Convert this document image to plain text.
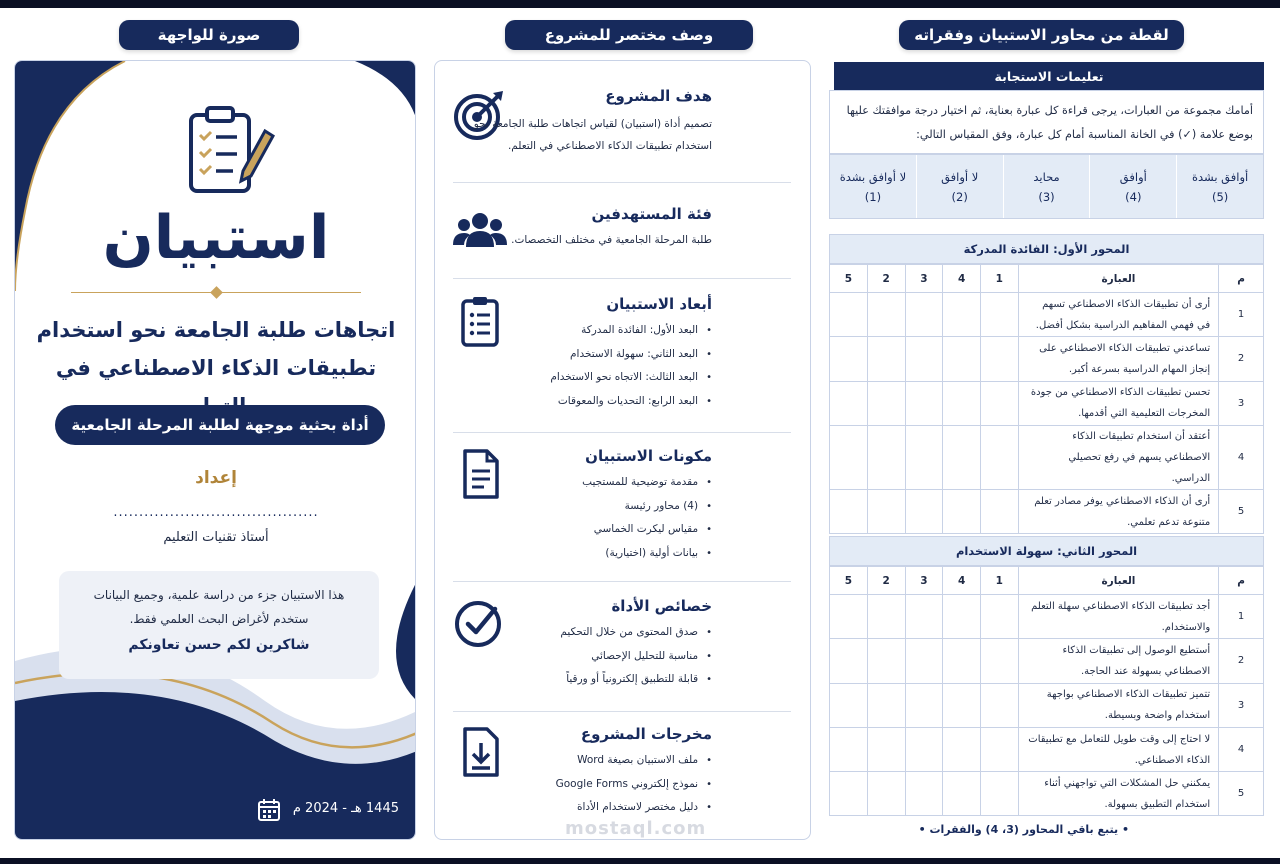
صورة للواجهة	وصف مختصر للمشروع	لقطة من محاور الاستبيان وفقراته
استبيان
اتجاهات طلبة الجامعة نحو استخدام
تطبيقات الذكاء الاصطناعي في
أداة بحثية موجهة لطلبة المرحلة الجامعية
إعداد
........................................
أستاذ تقنيات التعليم

هذا الاستبيان جزء من دراسة علمية، وجميع البيانات

ستخدم لأغراض البحث العلمي فقط.

شاكرين لكم حسن تعاونكم

1445 هـ - 2024 م
هدف المشروع
تصميم أداة (استبيان) لقياس اتجاهات طلبة الجامعة نحو استخدام تطبيقات الذكاء الاصطناعي في التعلم.
فئة المستهدفين
طلبة المرحلة الجامعية في مختلف التخصصات.
أبعاد الاستبيان
• البعد الأول: الفائدة المدركة
• البعد الثاني: سهولة الاستخدام
• البعد الثالث: الاتجاه نحو الاستخدام
• البعد الرابع: التحديات والمعوقات
مكونات الاستبيان
• مقدمة توضيحية للمستجيب
• (4) محاور رئيسة
• مقياس ليكرت الخماسي
• بيانات أولية (اختيارية)
خصائص الأداة
• صدق المحتوى من خلال التحكيم
• مناسبة للتحليل الإحصائي
• قابلة للتطبيق إلكترونياً أو ورقياً
مخرجات المشروع
• ملف الاستبيان بصيغة Word
• نموذج إلكتروني Google Forms
• دليل مختصر لاستخدام الأداة
mostaql.com
تعليمات الاستجابة
أمامك مجموعة من العبارات، يرجى قراءة كل عبارة بعناية، ثم اختيار درجة موافقتك عليها بوضع علامة (✓) في الخانة المناسبة أمام كل عبارة، وفق المقياس التالي:
أوافق بشدة
(5)
أوافق
(4)
محايد
(3)
لا أوافق
(2)
لا أوافق بشدة
(1)
المحور الأول: الفائدة المدركة
م	العبارة	1	4	3	2	5
1	أرى أن تطبيقات الذكاء الاصطناعي تسهم في فهمي المفاهيم الدراسية بشكل أفضل.					
2	تساعدني تطبيقات الذكاء الاصطناعي على إنجاز المهام الدراسية بسرعة أكبر.					
3	تحسن تطبيقات الذكاء الاصطناعي من جودة المخرجات التعليمية التي أقدمها.					
4	أعتقد أن استخدام تطبيقات الذكاء الاصطناعي يسهم في رفع تحصيلي الدراسي.					
5	أرى أن الذكاء الاصطناعي يوفر مصادر تعلم متنوعة تدعم تعلمي.					
المحور الثاني: سهولة الاستخدام
م	العبارة	1	4	3	2	5
1	أجد تطبيقات الذكاء الاصطناعي سهلة التعلم والاستخدام.					
2	أستطيع الوصول إلى تطبيقات الذكاء الاصطناعي بسهولة عند الحاجة.					
3	تتميز تطبيقات الذكاء الاصطناعي بواجهة استخدام واضحة وبسيطة.					
4	لا احتاج إلى وقت طويل للتعامل مع تطبيقات الذكاء الاصطناعي.					
5	يمكنني حل المشكلات التي تواجهني أثناء استخدام التطبيق بسهولة.					
• يتبع باقي المحاور (3، 4) والفقرات •
